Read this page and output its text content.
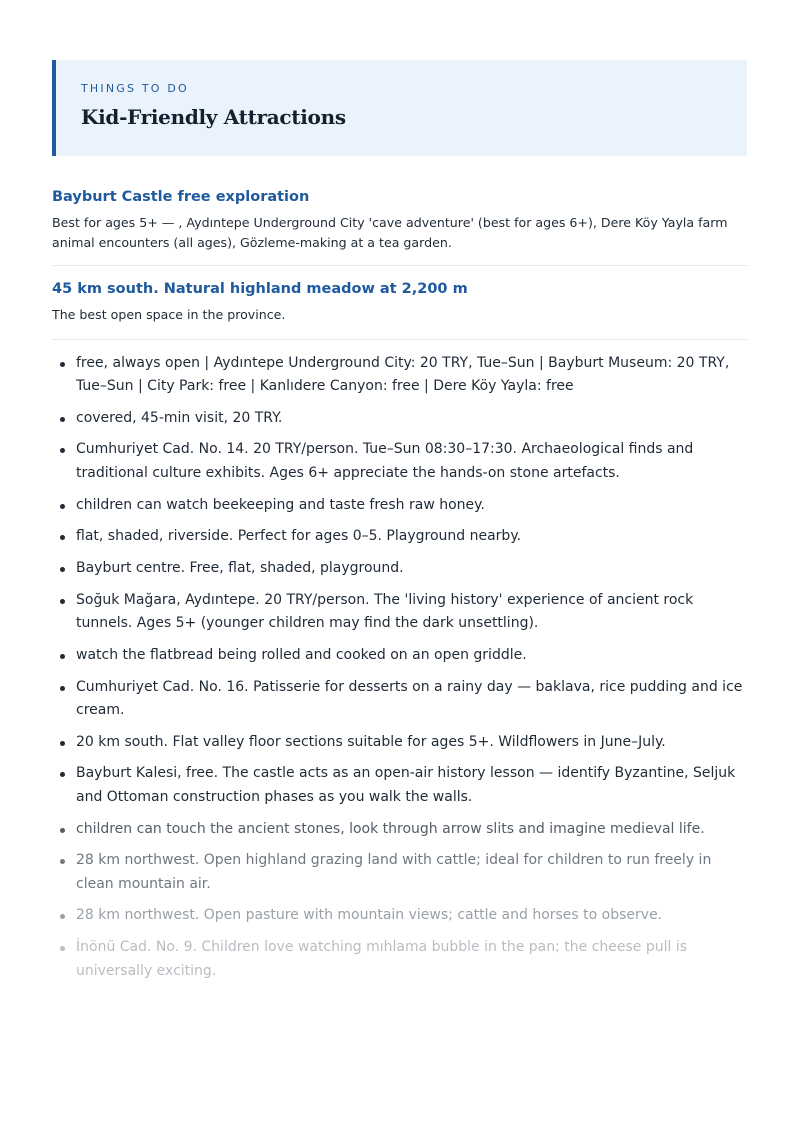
THINGS TO DO

Kid-Friendly Attractions
Bayburt Castle free exploration

Best for ages 5+ — , Aydıntepe Underground City 'cave adventure' (best for ages 6+), Dere Köy Yayla farm animal encounters (all ages), Gözleme-making at a tea garden.

45 km south. Natural highland meadow at 2,200 m

The best open space in the province.

free, always open | Aydıntepe Underground City: 20 TRY, Tue–Sun | Bayburt Museum: 20 TRY, Tue–Sun | City Park: free | Kanlıdere Canyon: free | Dere Köy Yayla: free
covered, 45-min visit, 20 TRY.
Cumhuriyet Cad. No. 14. 20 TRY/person. Tue–Sun 08:30–17:30. Archaeological finds and traditional culture exhibits. Ages 6+ appreciate the hands-on stone artefacts.
children can watch beekeeping and taste fresh raw honey.
flat, shaded, riverside. Perfect for ages 0–5. Playground nearby.
Bayburt centre. Free, flat, shaded, playground.
Soğuk Mağara, Aydıntepe. 20 TRY/person. The 'living history' experience of ancient rock tunnels. Ages 5+ (younger children may find the dark unsettling).
watch the flatbread being rolled and cooked on an open griddle.
Cumhuriyet Cad. No. 16. Patisserie for desserts on a rainy day — baklava, rice pudding and ice cream.
20 km south. Flat valley floor sections suitable for ages 5+. Wildflowers in June–July.
Bayburt Kalesi, free. The castle acts as an open-air history lesson — identify Byzantine, Seljuk and Ottoman construction phases as you walk the walls.
children can touch the ancient stones, look through arrow slits and imagine medieval life.
28 km northwest. Open highland grazing land with cattle; ideal for children to run freely in clean mountain air.
28 km northwest. Open pasture with mountain views; cattle and horses to observe.
İnönü Cad. No. 9. Children love watching mıhlama bubble in the pan; the cheese pull is universally exciting.
